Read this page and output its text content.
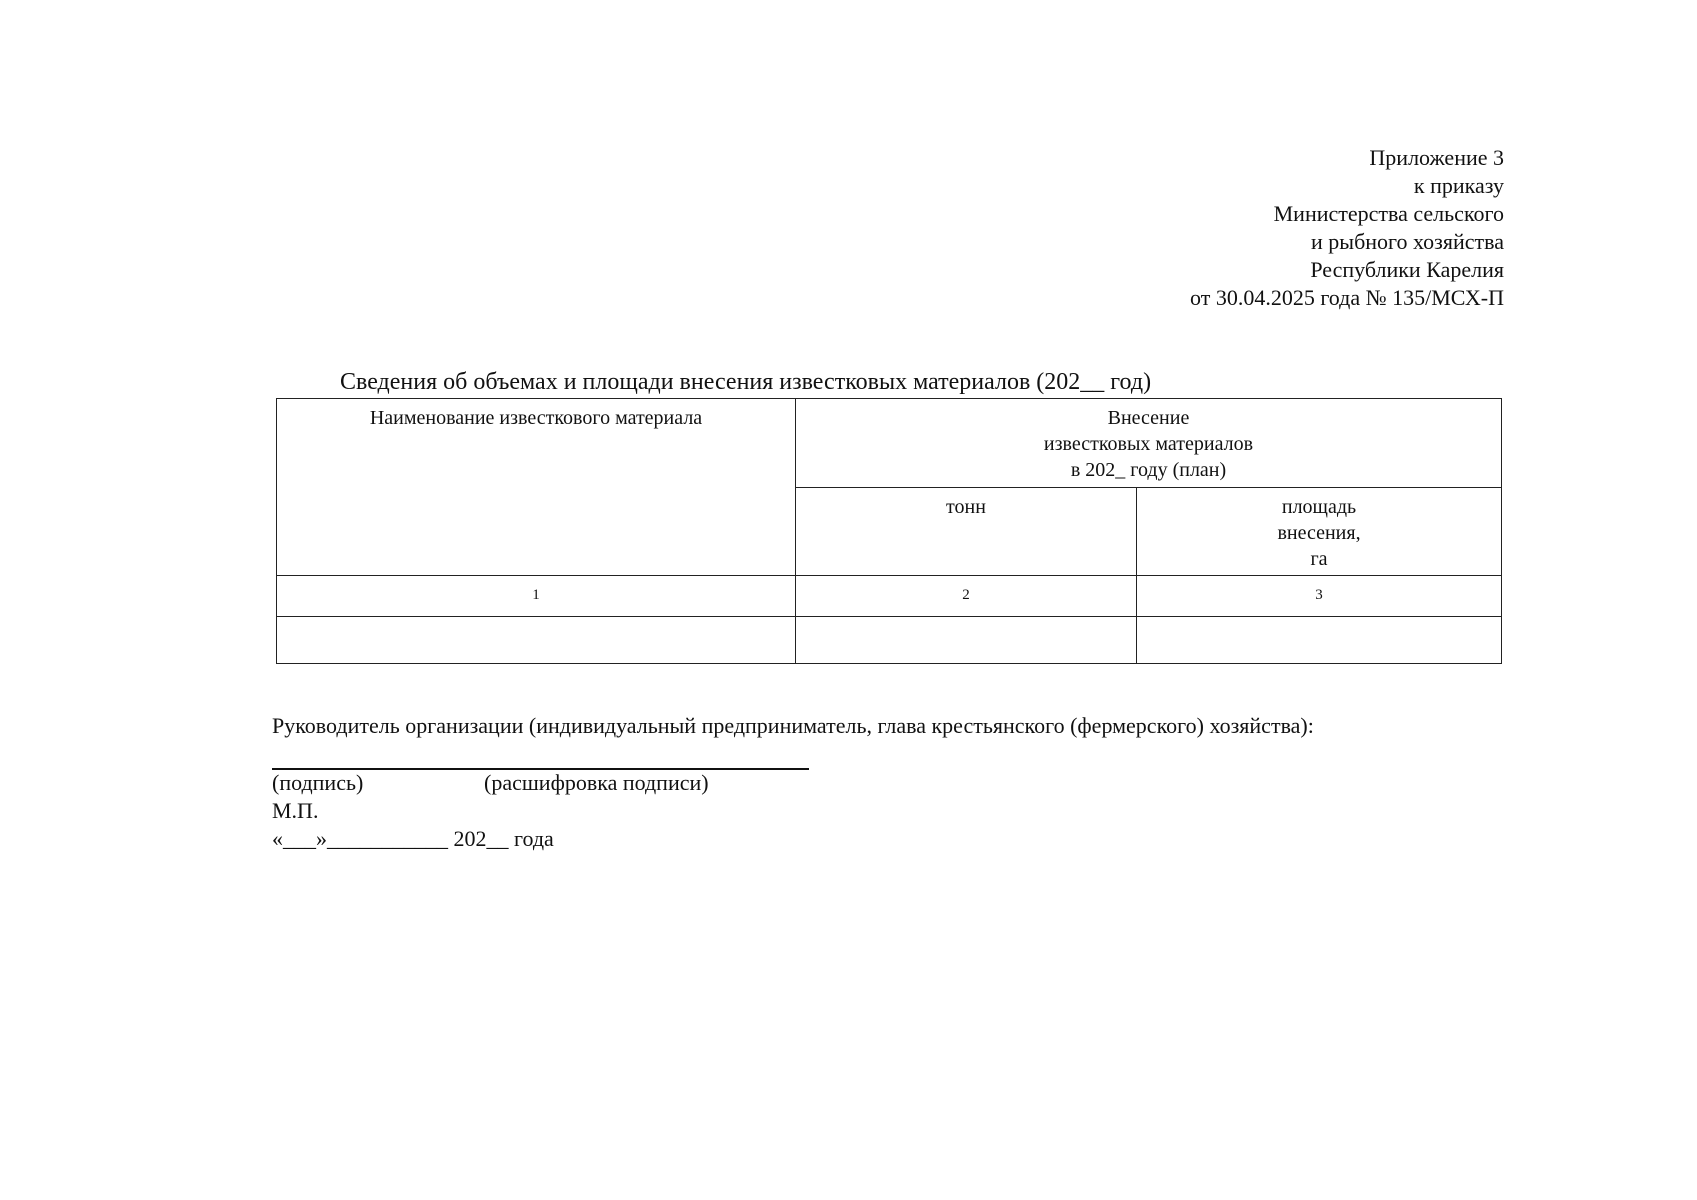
Приложение 3
к приказу
Министерства сельского
и рыбного хозяйства
Республики Карелия
от 30.04.2025 года № 135/МСХ-П
Сведения об объемах и площади внесения известковых материалов (202__ год)
Наименование известкового материала	Внесение
известковых материалов
в 202_ году (план)	
	тонн	площадь
внесения,
га
1	2	3

Руководитель организации (индивидуальный предприниматель, глава крестьянского (фермерского) хозяйства):
(подпись)	(расшифровка подписи)
М.П.
«___»___________ 202__ года
